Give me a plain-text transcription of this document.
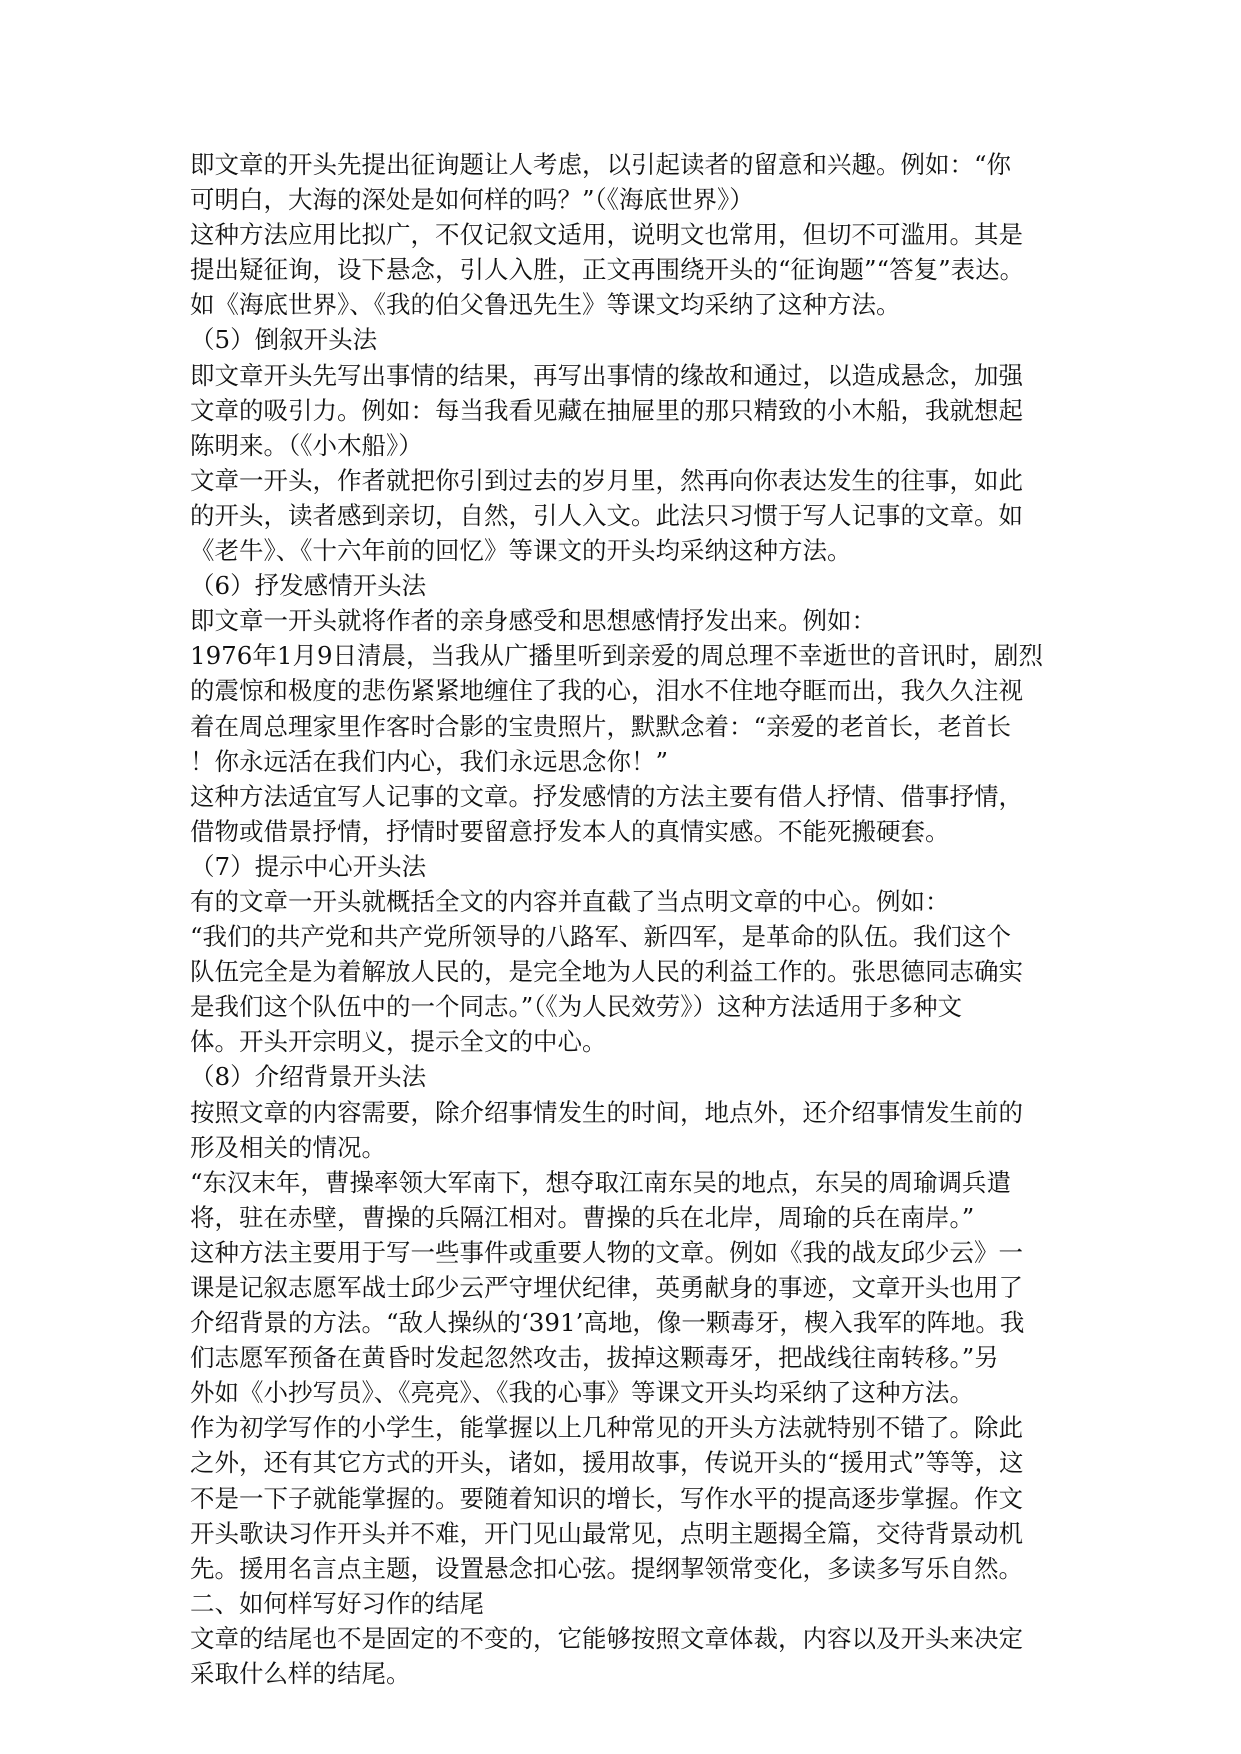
即文章的开头先提出征询题让人考虑，以引起读者的留意和兴趣。例如：“你
可明白，大海的深处是如何样的吗？”（《海底世界》）
这种方法应用比拟广，不仅记叙文适用，说明文也常用，但切不可滥用。其是
提出疑征询，设下悬念，引人入胜，正文再围绕开头的“征询题”“答复”表达。
如《海底世界》、《我的伯父鲁迅先生》等课文均采纳了这种方法。
（5）倒叙开头法
即文章开头先写出事情的结果，再写出事情的缘故和通过，以造成悬念，加强
文章的吸引力。例如：每当我看见藏在抽屉里的那只精致的小木船，我就想起
陈明来。（《小木船》）
文章一开头，作者就把你引到过去的岁月里，然再向你表达发生的往事，如此
的开头，读者感到亲切，自然，引人入文。此法只习惯于写人记事的文章。如
《老牛》、《十六年前的回忆》等课文的开头均采纳这种方法。
（6）抒发感情开头法
即文章一开头就将作者的亲身感受和思想感情抒发出来。例如：
1976年1月9日清晨，当我从广播里听到亲爱的周总理不幸逝世的音讯时，剧烈
的震惊和极度的悲伤紧紧地缠住了我的心，泪水不住地夺眶而出，我久久注视
着在周总理家里作客时合影的宝贵照片，默默念着：“亲爱的老首长，老首长
！你永远活在我们内心，我们永远思念你！”
这种方法适宜写人记事的文章。抒发感情的方法主要有借人抒情、借事抒情，
借物或借景抒情，抒情时要留意抒发本人的真情实感。不能死搬硬套。
（7）提示中心开头法
有的文章一开头就概括全文的内容并直截了当点明文章的中心。例如：
“我们的共产党和共产党所领导的八路军、新四军，是革命的队伍。我们这个
队伍完全是为着解放人民的，是完全地为人民的利益工作的。张思德同志确实
是我们这个队伍中的一个同志。”（《为人民效劳》）这种方法适用于多种文
体。开头开宗明义，提示全文的中心。
（8）介绍背景开头法
按照文章的内容需要，除介绍事情发生的时间，地点外，还介绍事情发生前的
形及相关的情况。
“东汉末年，曹操率领大军南下，想夺取江南东吴的地点，东吴的周瑜调兵遣
将，驻在赤壁，曹操的兵隔江相对。曹操的兵在北岸，周瑜的兵在南岸。”
这种方法主要用于写一些事件或重要人物的文章。例如《我的战友邱少云》一
课是记叙志愿军战士邱少云严守埋伏纪律，英勇献身的事迹，文章开头也用了
介绍背景的方法。“敌人操纵的‘391’高地，像一颗毒牙，楔入我军的阵地。我
们志愿军预备在黄昏时发起忽然攻击，拔掉这颗毒牙，把战线往南转移。”另
外如《小抄写员》、《亮亮》、《我的心事》等课文开头均采纳了这种方法。
作为初学写作的小学生，能掌握以上几种常见的开头方法就特别不错了。除此
之外，还有其它方式的开头，诸如，援用故事，传说开头的“援用式”等等，这
不是一下子就能掌握的。要随着知识的增长，写作水平的提高逐步掌握。作文
开头歌诀习作开头并不难，开门见山最常见，点明主题揭全篇，交待背景动机
先。援用名言点主题，设置悬念扣心弦。提纲挈领常变化，多读多写乐自然。
二、如何样写好习作的结尾
文章的结尾也不是固定的不变的，它能够按照文章体裁，内容以及开头来决定
采取什么样的结尾。
